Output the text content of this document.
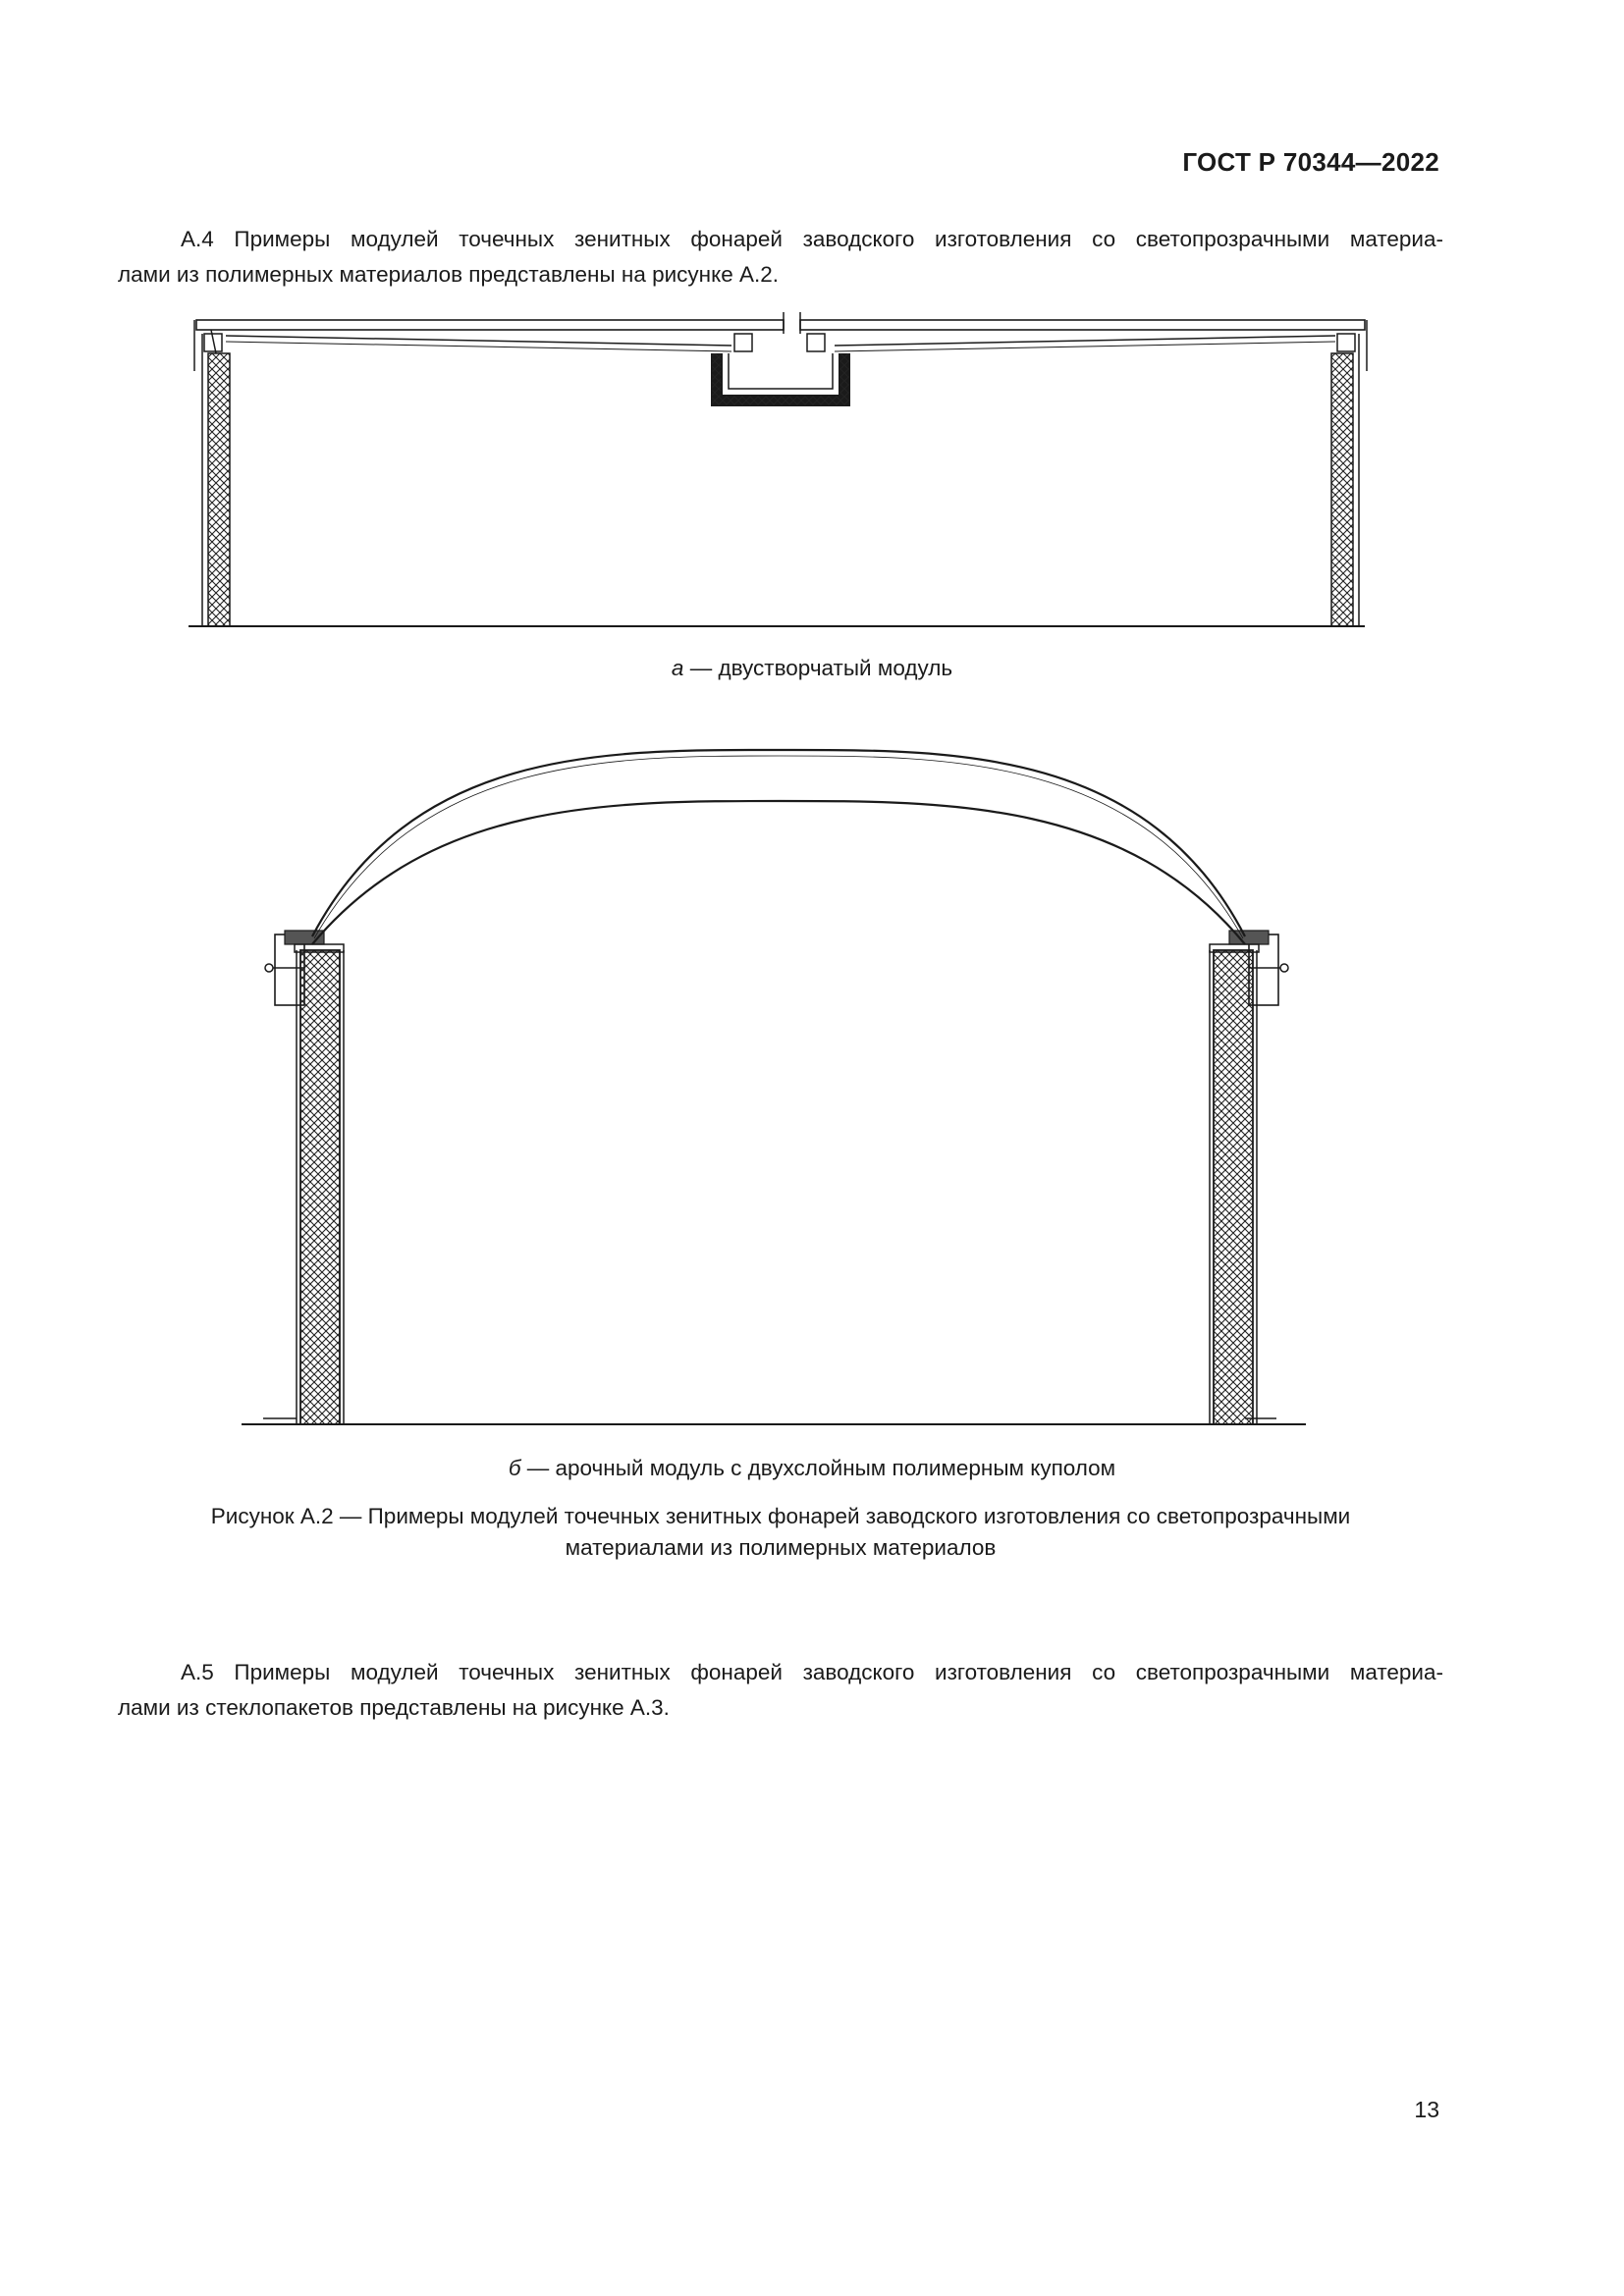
ГОСТ Р 70344—2022
А.4 Примеры модулей точечных зенитных фонарей заводского изготовления со светопрозрачными материа-
лами из полимерных материалов представлены на рисунке А.2.
а — двустворчатый модуль
б — арочный модуль с двухслойным полимерным куполом
Рисунок А.2 — Примеры модулей точечных зенитных фонарей заводского изготовления со светопрозрачными
материалами из полимерных материалов
А.5 Примеры модулей точечных зенитных фонарей заводского изготовления со светопрозрачными материа-
лами из стеклопакетов представлены на рисунке А.3.
13
